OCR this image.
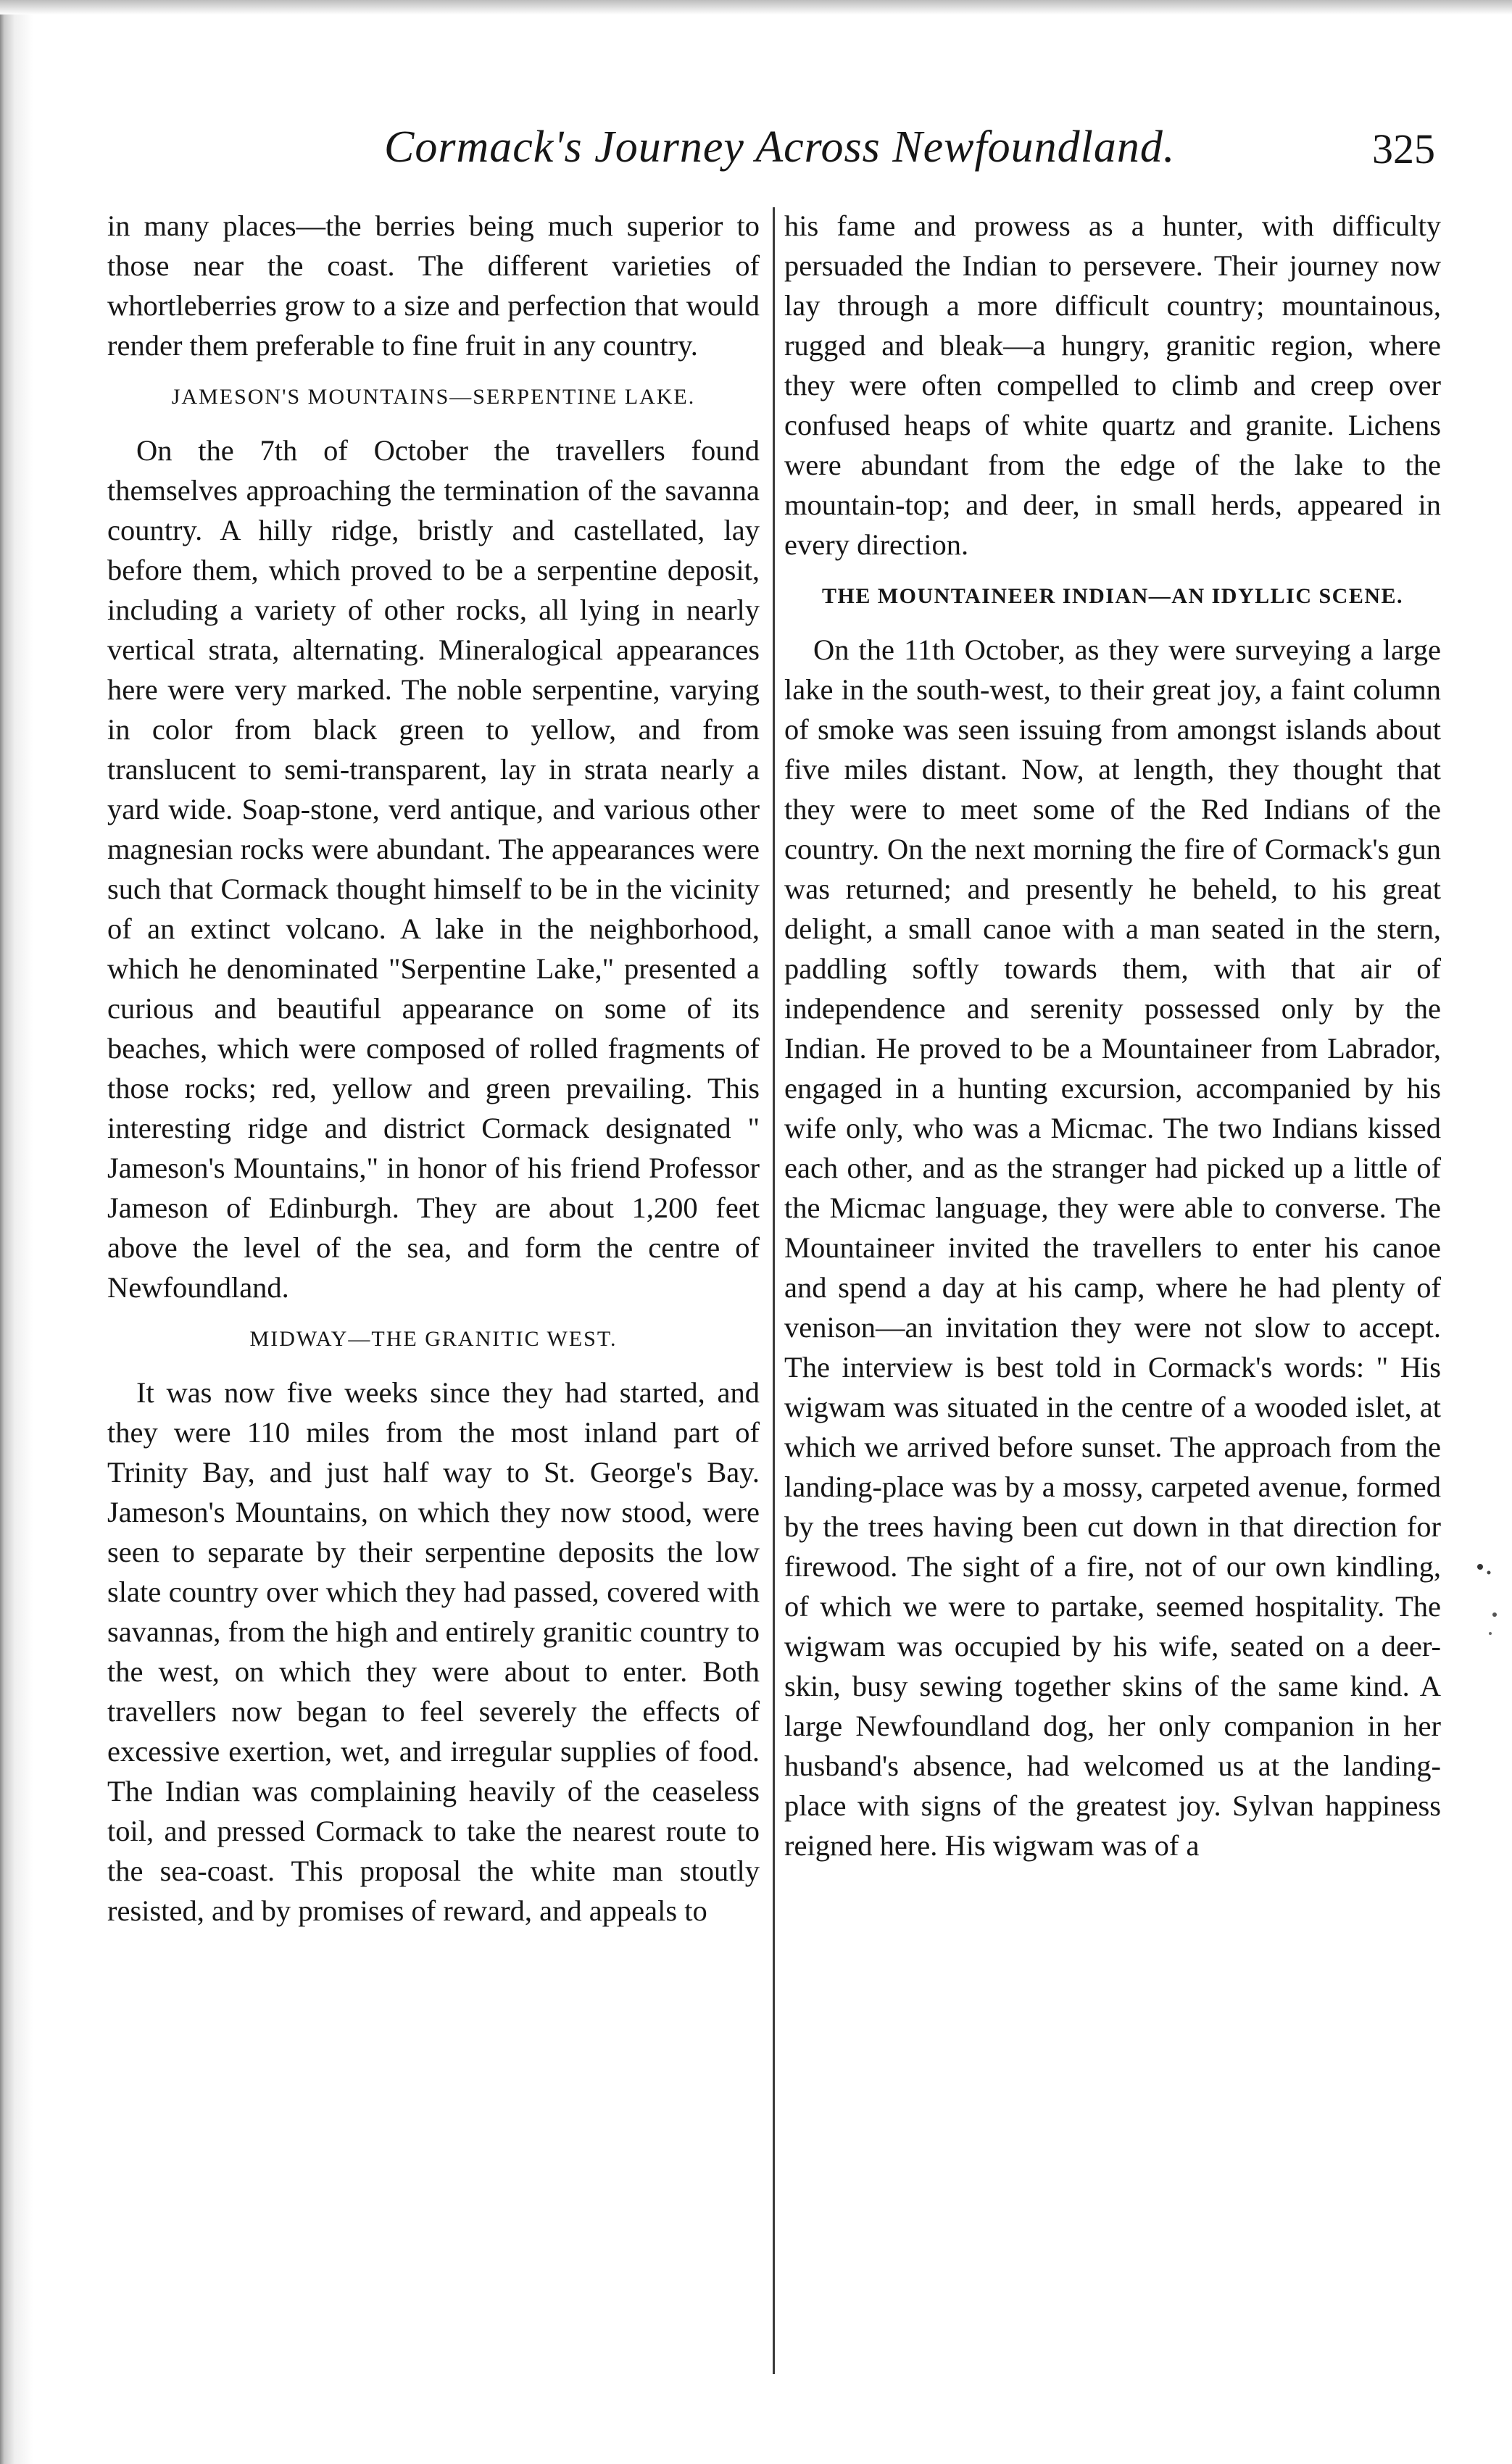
Cormack's Journey Across Newfoundland.	325

in many places—the berries being much superior to those near the coast. The different varieties of whortleberries grow to a size and perfection that would render them preferable to fine fruit in any country.

JAMESON'S MOUNTAINS—SERPENTINE LAKE.

On the 7th of October the travellers found themselves approaching the termination of the savanna country. A hilly ridge, bristly and castellated, lay before them, which proved to be a serpentine deposit, including a variety of other rocks, all lying in nearly vertical strata, alternating. Mineralogical appearances here were very marked. The noble serpentine, varying in color from black green to yellow, and from translucent to semi-transparent, lay in strata nearly a yard wide. Soap-stone, verd antique, and various other magnesian rocks were abundant. The appearances were such that Cormack thought himself to be in the vicinity of an extinct volcano. A lake in the neighborhood, which he denominated "Serpentine Lake," presented a curious and beautiful appearance on some of its beaches, which were composed of rolled fragments of those rocks; red, yellow and green prevailing. This interesting ridge and district Cormack designated " Jameson's Mountains," in honor of his friend Professor Jameson of Edinburgh. They are about 1,200 feet above the level of the sea, and form the centre of Newfoundland.

MIDWAY—THE GRANITIC WEST.

It was now five weeks since they had started, and they were 110 miles from the most inland part of Trinity Bay, and just half way to St. George's Bay. Jameson's Mountains, on which they now stood, were seen to separate by their serpentine deposits the low slate country over which they had passed, covered with savannas, from the high and entirely granitic country to the west, on which they were about to enter. Both travellers now began to feel severely the effects of excessive exertion, wet, and irregular supplies of food. The Indian was complaining heavily of the ceaseless toil, and pressed Cormack to take the nearest route to the sea-coast. This proposal the white man stoutly resisted, and by promises of reward, and appeals to

his fame and prowess as a hunter, with difficulty persuaded the Indian to persevere. Their journey now lay through a more difficult country; mountainous, rugged and bleak—a hungry, granitic region, where they were often compelled to climb and creep over confused heaps of white quartz and granite. Lichens were abundant from the edge of the lake to the mountain-top; and deer, in small herds, appeared in every direction.

THE MOUNTAINEER INDIAN—AN IDYLLIC SCENE.

On the 11th October, as they were surveying a large lake in the south-west, to their great joy, a faint column of smoke was seen issuing from amongst islands about five miles distant. Now, at length, they thought that they were to meet some of the Red Indians of the country. On the next morning the fire of Cormack's gun was returned; and presently he beheld, to his great delight, a small canoe with a man seated in the stern, paddling softly towards them, with that air of independence and serenity possessed only by the Indian. He proved to be a Mountaineer from Labrador, engaged in a hunting excursion, accompanied by his wife only, who was a Micmac. The two Indians kissed each other, and as the stranger had picked up a little of the Micmac language, they were able to converse. The Mountaineer invited the travellers to enter his canoe and spend a day at his camp, where he had plenty of venison—an invitation they were not slow to accept. The interview is best told in Cormack's words: " His wigwam was situated in the centre of a wooded islet, at which we arrived before sunset. The approach from the landing-place was by a mossy, carpeted avenue, formed by the trees having been cut down in that direction for firewood. The sight of a fire, not of our own kindling, of which we were to partake, seemed hospitality. The wigwam was occupied by his wife, seated on a deer-skin, busy sewing together skins of the same kind. A large Newfoundland dog, her only companion in her husband's absence, had welcomed us at the landing-place with signs of the greatest joy. Sylvan happiness reigned here. His wigwam was of a
